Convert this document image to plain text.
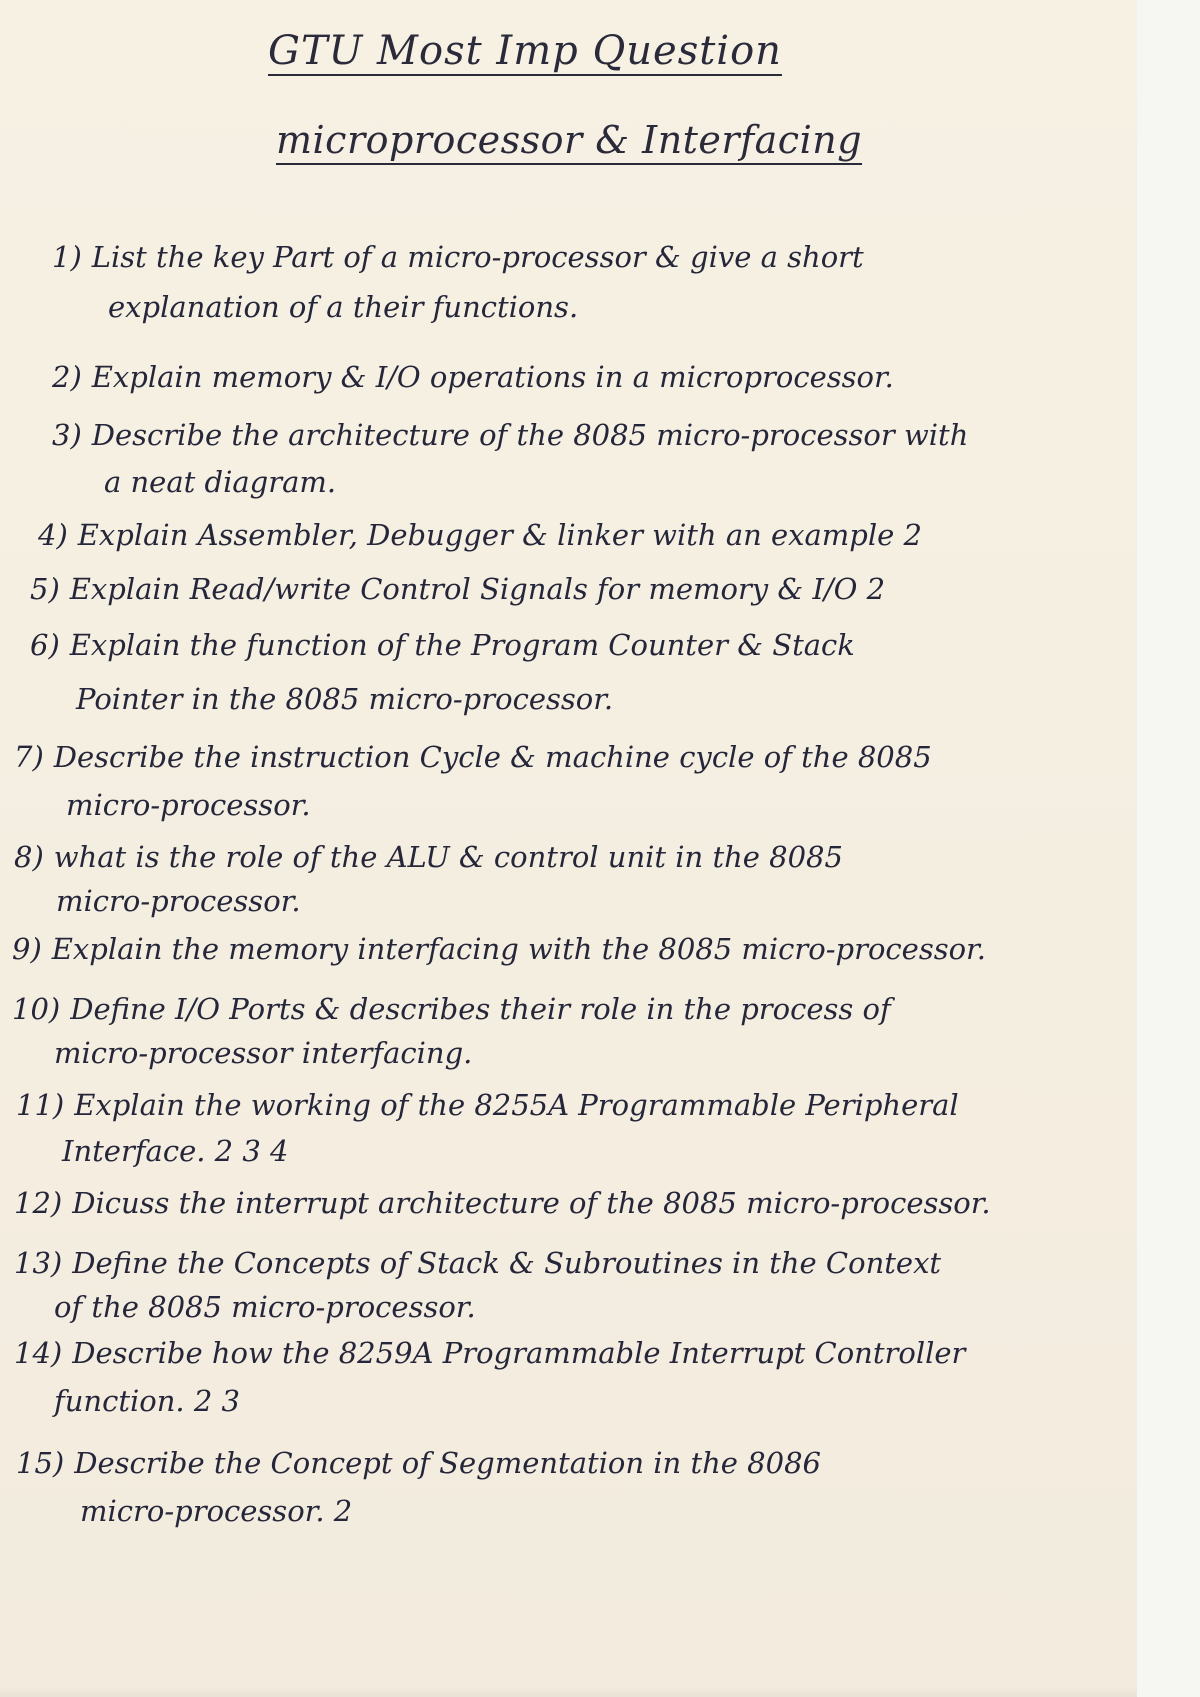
GTU Most Imp Question
microprocessor & Interfacing
1) List the key Part of a micro-processor & give a short
explanation of a their functions.
2) Explain memory & I/O operations in a microprocessor.
3) Describe the architecture of the 8085 micro-processor with
a neat diagram.
4) Explain Assembler, Debugger & linker with an example 2
5) Explain Read/write Control Signals for memory & I/O 2
6) Explain the function of the Program Counter & Stack
Pointer in the 8085 micro-processor.
7) Describe the instruction Cycle & machine cycle of the 8085
micro-processor.
8) what is the role of the ALU & control unit in the 8085
micro-processor.
9) Explain the memory interfacing with the 8085 micro-processor.
10) Define I/O Ports & describes their role in the process of
micro-processor interfacing.
11) Explain the working of the 8255A Programmable Peripheral
Interface. 2 3 4
12) Dicuss the interrupt architecture of the 8085 micro-processor.
13) Define the Concepts of Stack & Subroutines in the Context
of the 8085 micro-processor.
14) Describe how the 8259A Programmable Interrupt Controller
function. 2 3
15) Describe the Concept of Segmentation in the 8086
micro-processor. 2
